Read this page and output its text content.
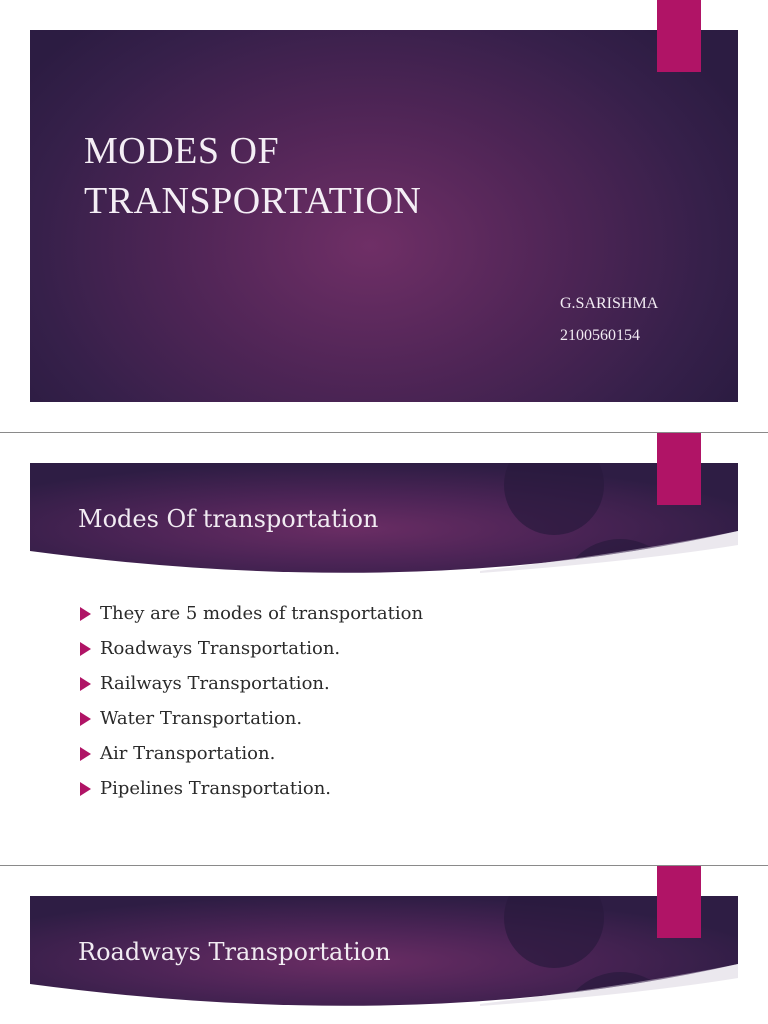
MODES OF
TRANSPORTATION
G.SARISHMA
2100560154
Modes Of transportation
They are 5 modes of transportation
Roadways Transportation.
Railways Transportation.
Water Transportation.
Air Transportation.
Pipelines Transportation.
Roadways Transportation
